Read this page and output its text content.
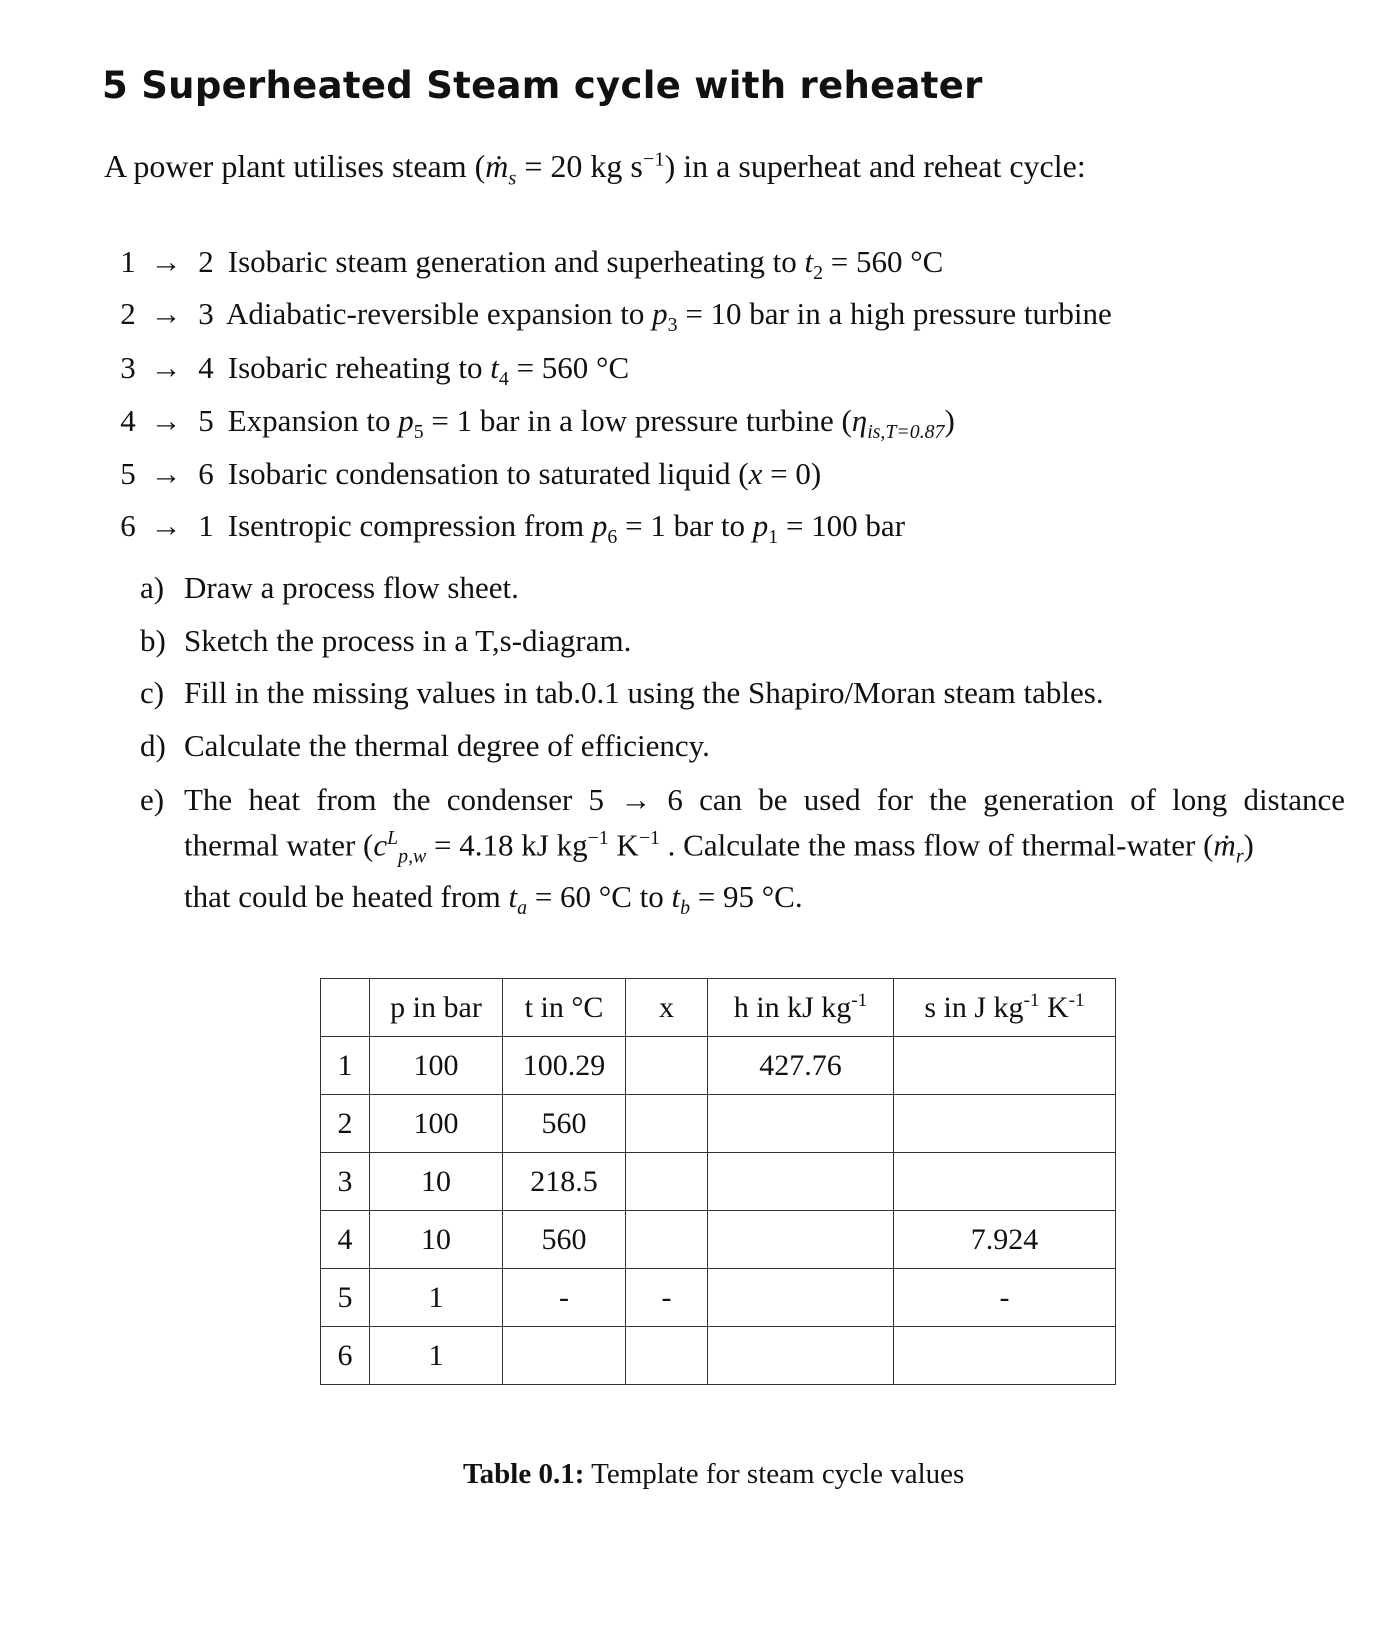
5 Superheated Steam cycle with reheater
A power plant utilises steam (ṁ$_s$ = 20 kg $s^{-1}$) in a superheat and reheat cycle:
1 → 2 Isobaric steam generation and superheating to $t_2 = 560$ °C
2 → 3 Adiabatic-reversible expansion to $p_3 = 10$ bar in a high pressure turbine
3 → 4 Isobaric reheating to $t_4 = 560$ °C
4 → 5 Expansion to $p_5 = 1$ bar in a low pressure turbine $(\eta_{is,T=0.87})$
5 → 6 Isobaric condensation to saturated liquid (x = 0)
6 → 1 Isentropic compression from $p_6 = 1$ bar to $p_1 = 100$ bar
a) Draw a process flow sheet.
b) Sketch the process in a T,s-diagram.
c) Fill in the missing values in tab.0.1 using the Shapiro/Moran steam tables.
d) Calculate the thermal degree of efficiency.
e) The heat from the condenser 5 → 6 can be used for the generation of long distance
thermal water ($c^L_{p,w} = 4.18$ kJ $kg^{-1}$ $K^{-1}$ . Calculate the mass flow of thermal-water (ṁ$_r$)
that could be heated from $t_a = 60$ °C to $t_b = 95$ °C.
	p in bar	t in °C	x	h in kJ $kg^{-1}$	s in J $kg^{-1}$ $K^{-1}$
1	100	100.29		427.76	
2	100	560			
3	10	218.5			
4	10	560			7.924
5	1	-	-		-
6	1				
Table 0.1: Template for steam cycle values
